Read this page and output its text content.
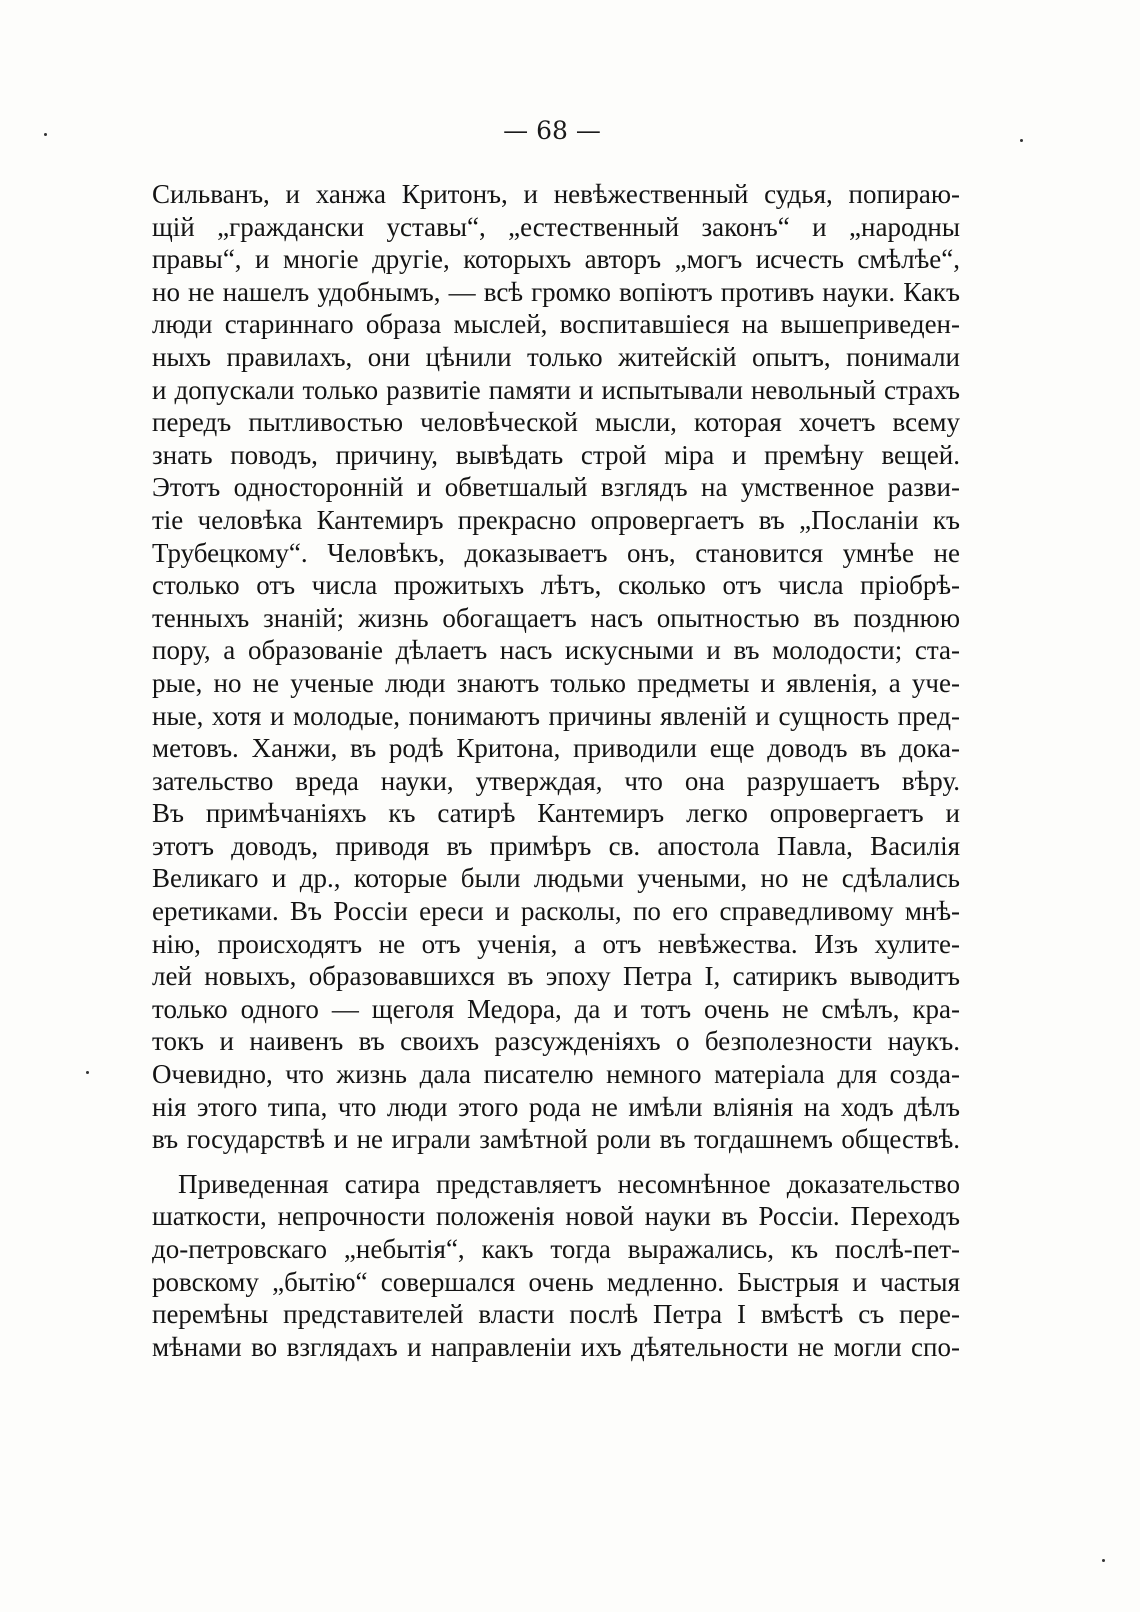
— 68 —
Сильванъ, и ханжа Критонъ, и невѣжественный судья, попираю-
щій „граждански уставы“, „естественный законъ“ и „народны
правы“, и многіе другіе, которыхъ авторъ „могъ исчесть смѣлѣе“,
но не нашелъ удобнымъ, — всѣ громко вопіютъ противъ науки. Какъ
люди стариннаго образа мыслей, воспитавшіеся на вышеприведен-
ныхъ правилахъ, они цѣнили только житейскій опытъ, понимали
и допускали только развитіе памяти и испытывали невольный страхъ
передъ пытливостью человѣческой мысли, которая хочетъ всему
знать поводъ, причину, вывѣдать строй міра и премѣну вещей.
Этотъ односторонній и обветшалый взглядъ на умственное разви-
тіе человѣка Кантемиръ прекрасно опровергаетъ въ „Посланіи къ
Трубецкому“. Человѣкъ, доказываетъ онъ, становится умнѣе не
столько отъ числа прожитыхъ лѣтъ, сколько отъ числа пріобрѣ-
тенныхъ знаній; жизнь обогащаетъ насъ опытностью въ позднюю
пору, а образованіе дѣлаетъ насъ искусными и въ молодости; ста-
рые, но не ученые люди знаютъ только предметы и явленія, а уче-
ные, хотя и молодые, понимаютъ причины явленій и сущность пред-
метовъ. Ханжи, въ родѣ Критона, приводили еще доводъ въ дока-
зательство вреда науки, утверждая, что она разрушаетъ вѣру.
Въ примѣчаніяхъ къ сатирѣ Кантемиръ легко опровергаетъ и
этотъ доводъ, приводя въ примѣръ св. апостола Павла, Василія
Великаго и др., которые были людьми учеными, но не сдѣлались
еретиками. Въ Россіи ереси и расколы, по его справедливому мнѣ-
нію, происходятъ не отъ ученія, а отъ невѣжества. Изъ хулите-
лей новыхъ, образовавшихся въ эпоху Петра I, сатирикъ выводитъ
только одного — щеголя Медора, да и тотъ очень не смѣлъ, кра-
токъ и наивенъ въ своихъ разсужденіяхъ о безполезности наукъ.
Очевидно, что жизнь дала писателю немного матеріала для созда-
нія этого типа, что люди этого рода не имѣли вліянія на ходъ дѣлъ
въ государствѣ и не играли замѣтной роли въ тогдашнемъ обществѣ.
Приведенная сатира представляетъ несомнѣнное доказательство
шаткости, непрочности положенія новой науки въ Россіи. Переходъ
до-петровскаго „небытія“, какъ тогда выражались, къ послѣ-пет-
ровскому „бытію“ совершался очень медленно. Быстрыя и частыя
перемѣны представителей власти послѣ Петра I вмѣстѣ съ пере-
мѣнами во взглядахъ и направленіи ихъ дѣятельности не могли спо-
